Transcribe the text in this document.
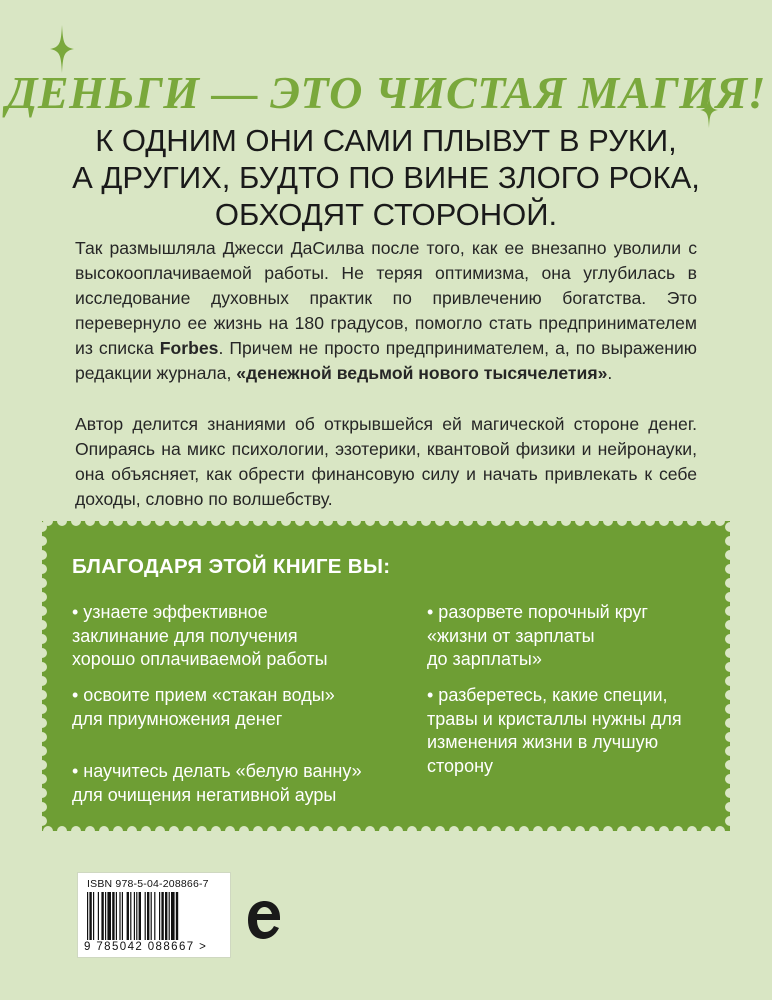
ДЕНЬГИ — ЭТО ЧИСТАЯ МАГИЯ!
К ОДНИМ ОНИ САМИ ПЛЫВУТ В РУКИ,
А ДРУГИХ, БУДТО ПО ВИНЕ ЗЛОГО РОКА,
ОБХОДЯТ СТОРОНОЙ.
Так размышляла Джесси ДаСилва после того, как ее внезапно уволили с высокооплачиваемой работы. Не теряя оптимизма, она углубилась в исследование духовных практик по привлечению богатства. Это перевернуло ее жизнь на 180 градусов, помогло стать предпринимателем из списка Forbes. Причем не просто предпринимателем, а, по выражению редакции журнала, «денежной ведьмой нового тысячелетия».
Автор делится знаниями об открывшейся ей магической стороне денег. Опираясь на микс психологии, эзотерики, квантовой физики и нейронауки, она объясняет, как обрести финансовую силу и начать привлекать к себе доходы, словно по волшебству.
БЛАГОДАРЯ ЭТОЙ КНИГЕ ВЫ:
• узнаете эффективное
заклинание для получения
хорошо оплачиваемой работы
• освоите прием «стакан воды»
для приумножения денег
• научитесь делать «белую ванну»
для очищения негативной ауры
• разорвете порочный круг
«жизни от зарплаты
до зарплаты»
• разберетесь, какие специи,
травы и кристаллы нужны для
изменения жизни в лучшую
сторону
ISBN 978-5-04-208866-7
9 785042 088667 >
